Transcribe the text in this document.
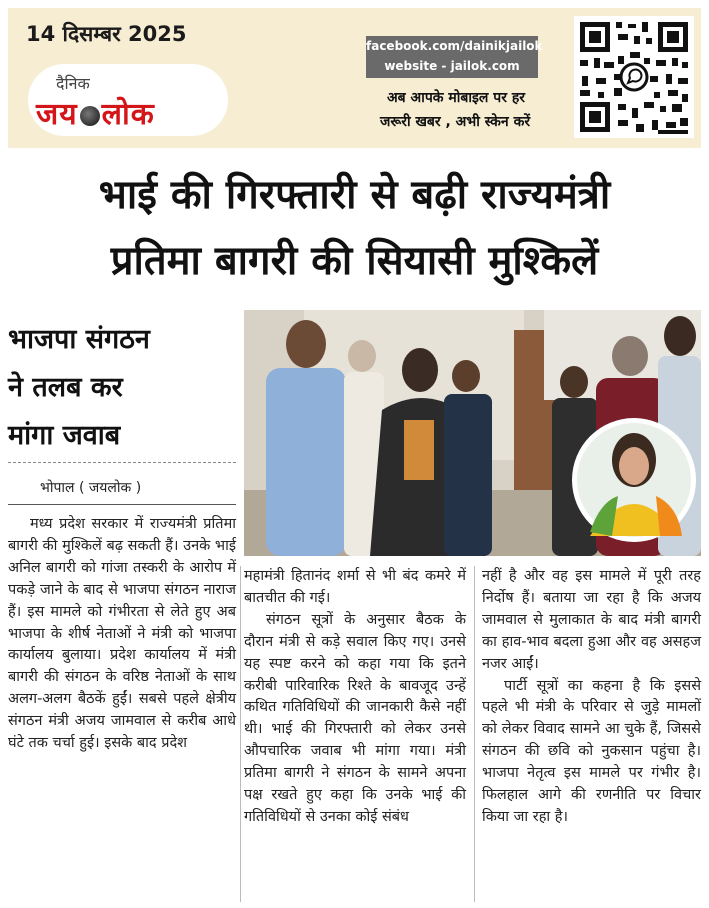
14 दिसम्बर 2025
दैनिक
जय लोक
facebook.com/dainikjailok
website - jailok.com
अब आपके मोबाइल पर हर
जरूरी खबर , अभी स्केन करें
भाई की गिरफ्तारी से बढ़ी राज्यमंत्री
प्रतिमा बागरी की सियासी मुश्किलें
भाजपा संगठन
ने तलब कर
मांगा जवाब
भोपाल ( जयलोक )

मध्य प्रदेश सरकार में राज्यमंत्री प्रतिमा बागरी की मुश्किलें बढ़ सकती हैं। उनके भाई अनिल बागरी को गांजा तस्करी के आरोप में पकड़े जाने के बाद से भाजपा संगठन नाराज हैं। इस मामले को गंभीरता से लेते हुए अब भाजपा के शीर्ष नेताओं ने मंत्री को भाजपा कार्यालय बुलाया। प्रदेश कार्यालय में मंत्री बागरी की संगठन के वरिष्ठ नेताओं के साथ अलग-अलग बैठकें हुईं। सबसे पहले क्षेत्रीय संगठन मंत्री अजय जामवाल से करीब आधे घंटे तक चर्चा हुई। इसके बाद प्रदेश

महामंत्री हितानंद शर्मा से भी बंद कमरे में बातचीत की गई।

संगठन सूत्रों के अनुसार बैठक के दौरान मंत्री से कड़े सवाल किए गए। उनसे यह स्पष्ट करने को कहा गया कि इतने करीबी पारिवारिक रिश्ते के बावजूद उन्हें कथित गतिविधियों की जानकारी कैसे नहीं थी। भाई की गिरफ्तारी को लेकर उनसे औपचारिक जवाब भी मांगा गया। मंत्री प्रतिमा बागरी ने संगठन के सामने अपना पक्ष रखते हुए कहा कि उनके भाई की गतिविधियों से उनका कोई संबंध

नहीं है और वह इस मामले में पूरी तरह निर्दोष हैं। बताया जा रहा है कि अजय जामवाल से मुलाकात के बाद मंत्री बागरी का हाव-भाव बदला हुआ और वह असहज नजर आईं।

पार्टी सूत्रों का कहना है कि इससे पहले भी मंत्री के परिवार से जुड़े मामलों को लेकर विवाद सामने आ चुके हैं, जिससे संगठन की छवि को नुकसान पहुंचा है। भाजपा नेतृत्व इस मामले पर गंभीर है। फिलहाल आगे की रणनीति पर विचार किया जा रहा है।
